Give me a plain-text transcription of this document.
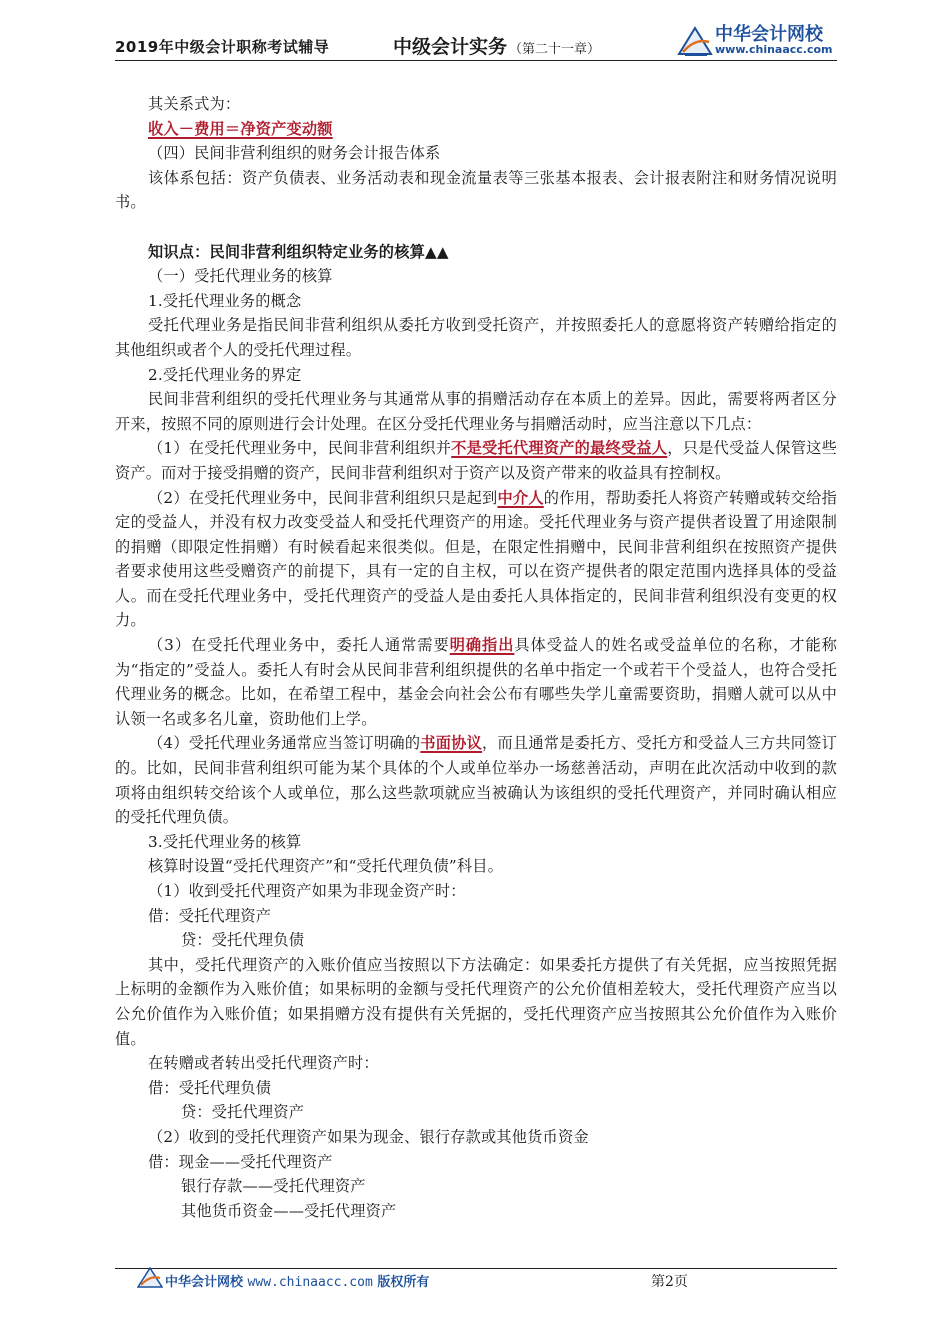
2019年中级会计职称考试辅导	中级会计实务 （第二十一章）
中华会计网校
www.chinaacc.com

其关系式为：

收入－费用＝净资产变动额

（四）民间非营利组织的财务会计报告体系

该体系包括：资产负债表、业务活动表和现金流量表等三张基本报表、会计报表附注和财务情况说明书。

知识点：民间非营利组织特定业务的核算▲▲

（一）受托代理业务的核算

1.受托代理业务的概念

受托代理业务是指民间非营利组织从委托方收到受托资产，并按照委托人的意愿将资产转赠给指定的其他组织或者个人的受托代理过程。

2.受托代理业务的界定

民间非营利组织的受托代理业务与其通常从事的捐赠活动存在本质上的差异。因此，需要将两者区分开来，按照不同的原则进行会计处理。在区分受托代理业务与捐赠活动时，应当注意以下几点：

（1）在受托代理业务中，民间非营利组织并不是受托代理资产的最终受益人，只是代受益人保管这些资产。而对于接受捐赠的资产，民间非营利组织对于资产以及资产带来的收益具有控制权。

（2）在受托代理业务中，民间非营利组织只是起到中介人的作用，帮助委托人将资产转赠或转交给指定的受益人，并没有权力改变受益人和受托代理资产的用途。受托代理业务与资产提供者设置了用途限制的捐赠（即限定性捐赠）有时候看起来很类似。但是，在限定性捐赠中，民间非营利组织在按照资产提供者要求使用这些受赠资产的前提下，具有一定的自主权，可以在资产提供者的限定范围内选择具体的受益人。而在受托代理业务中，受托代理资产的受益人是由委托人具体指定的，民间非营利组织没有变更的权力。

（3）在受托代理业务中，委托人通常需要明确指出具体受益人的姓名或受益单位的名称，才能称为“指定的”受益人。委托人有时会从民间非营利组织提供的名单中指定一个或若干个受益人，也符合受托代理业务的概念。比如，在希望工程中，基金会向社会公布有哪些失学儿童需要资助，捐赠人就可以从中认领一名或多名儿童，资助他们上学。

（4）受托代理业务通常应当签订明确的书面协议，而且通常是委托方、受托方和受益人三方共同签订的。比如，民间非营利组织可能为某个具体的个人或单位举办一场慈善活动，声明在此次活动中收到的款项将由组织转交给该个人或单位，那么这些款项就应当被确认为该组织的受托代理资产，并同时确认相应的受托代理负债。

3.受托代理业务的核算

核算时设置“受托代理资产”和“受托代理负债”科目。

（1）收到受托代理资产如果为非现金资产时：

借：受托代理资产

贷：受托代理负债

其中，受托代理资产的入账价值应当按照以下方法确定：如果委托方提供了有关凭据，应当按照凭据上标明的金额作为入账价值；如果标明的金额与受托代理资产的公允价值相差较大，受托代理资产应当以公允价值作为入账价值；如果捐赠方没有提供有关凭据的，受托代理资产应当按照其公允价值作为入账价值。

在转赠或者转出受托代理资产时：

借：受托代理负债

贷：受托代理资产

（2）收到的受托代理资产如果为现金、银行存款或其他货币资金

借：现金——受托代理资产

银行存款——受托代理资产

其他货币资金——受托代理资产

中华会计网校 www.chinaacc.com 版权所有	第2页
